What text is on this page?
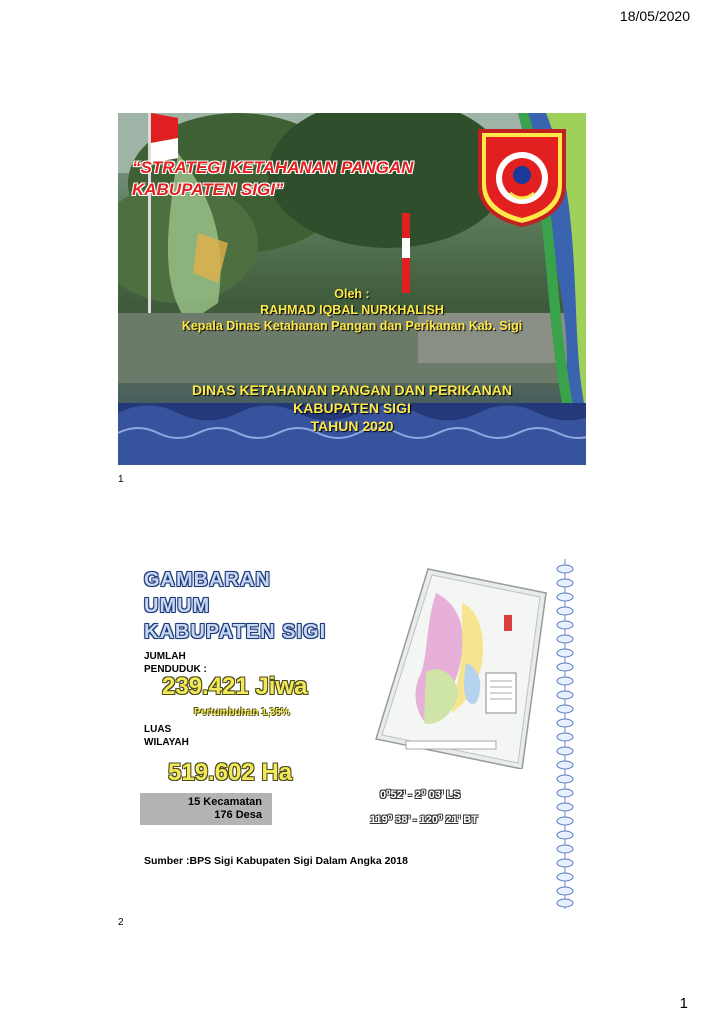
18/05/2020
“STRATEGI KETAHANAN PANGAN
KABUPATEN SIGI”
Oleh :
RAHMAD IQBAL NURKHALISH
Kepala Dinas Ketahanan Pangan dan Perikanan Kab. Sigi
DINAS KETAHANAN PANGAN DAN PERIKANAN
KABUPATEN SIGI
TAHUN 2020
1
GAMBARAN
UMUM
KABUPATEN SIGI
JUMLAH
PENDUDUK :
239.421 Jiwa
Pertumbuhan 1,35%
LUAS
WILAYAH
519.602 Ha
15 Kecamatan
176 Desa
0⁰52’ - 2⁰ 03’ LS
119⁰ 38’ - 120⁰ 21’ BT
Sumber :BPS Sigi Kabupaten Sigi Dalam Angka 2018
2
1
